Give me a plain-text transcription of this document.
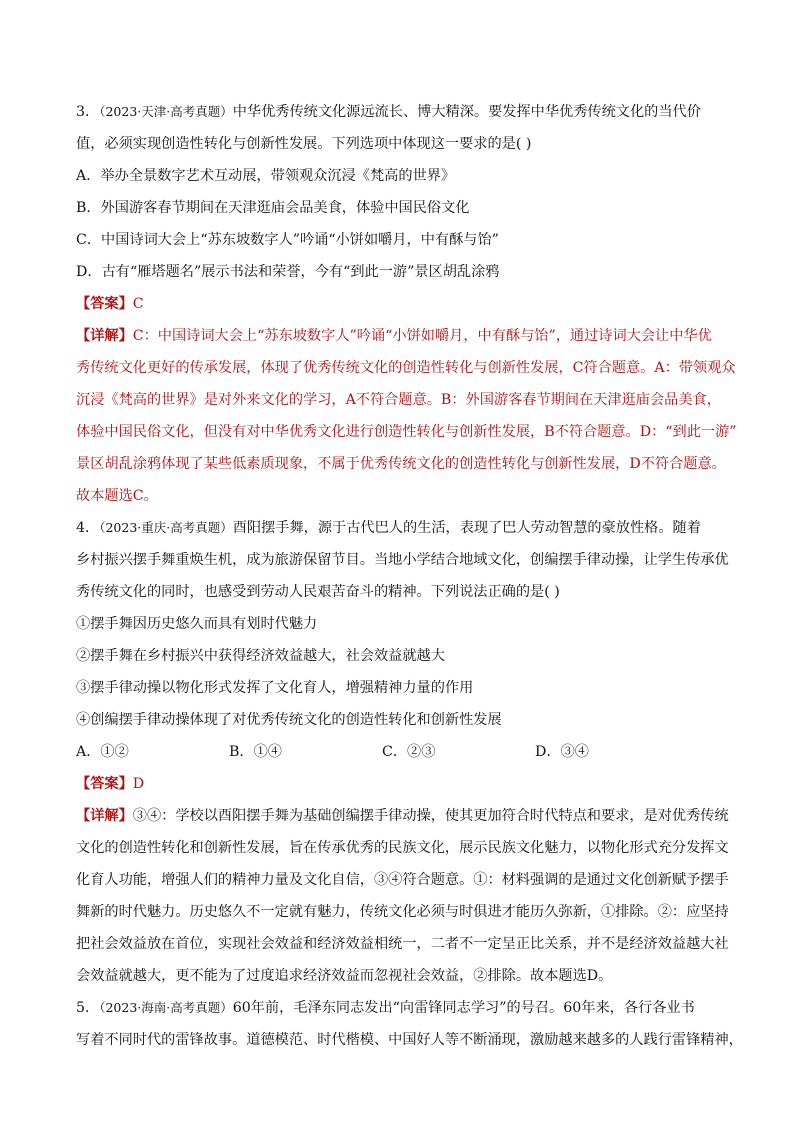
3．（2023·天津·高考真题）中华优秀传统文化源远流长、博大精深。要发挥中华优秀传统文化的当代价
值，必须实现创造性转化与创新性发展。下列选项中体现这一要求的是( )
A．举办全景数字艺术互动展，带领观众沉浸《梵高的世界》
B．外国游客春节期间在天津逛庙会品美食，体验中国民俗文化
C．中国诗词大会上“苏东坡数字人”吟诵“小饼如嚼月，中有酥与饴”
D．古有“雁塔题名”展示书法和荣誉，今有“到此一游”景区胡乱涂鸦
【答案】C
【详解】C：中国诗词大会上“苏东坡数字人”吟诵“小饼如嚼月，中有酥与饴”，通过诗词大会让中华优
秀传统文化更好的传承发展，体现了优秀传统文化的创造性转化与创新性发展，C符合题意。A：带领观众
沉浸《梵高的世界》是对外来文化的学习，A不符合题意。B：外国游客春节期间在天津逛庙会品美食，
体验中国民俗文化，但没有对中华优秀文化进行创造性转化与创新性发展，B不符合题意。D：“到此一游”
景区胡乱涂鸦体现了某些低素质现象，不属于优秀传统文化的创造性转化与创新性发展，D不符合题意。
故本题选C。
4．（2023·重庆·高考真题）酉阳摆手舞，源于古代巴人的生活，表现了巴人劳动智慧的豪放性格。随着
乡村振兴摆手舞重焕生机，成为旅游保留节目。当地小学结合地域文化，创编摆手律动操，让学生传承优
秀传统文化的同时，也感受到劳动人民艰苦奋斗的精神。下列说法正确的是( )
①摆手舞因历史悠久而具有划时代魅力
②摆手舞在乡村振兴中获得经济效益越大，社会效益就越大
③摆手律动操以物化形式发挥了文化育人，增强精神力量的作用
④创编摆手律动操体现了对优秀传统文化的创造性转化和创新性发展
A．①②	B．①④	C．②③	D．③④
【答案】D
【详解】③④：学校以酉阳摆手舞为基础创编摆手律动操，使其更加符合时代特点和要求，是对优秀传统
文化的创造性转化和创新性发展，旨在传承优秀的民族文化，展示民族文化魅力，以物化形式充分发挥文
化育人功能，增强人们的精神力量及文化自信，③④符合题意。①：材料强调的是通过文化创新赋予摆手
舞新的时代魅力。历史悠久不一定就有魅力，传统文化必须与时俱进才能历久弥新，①排除。②：应坚持
把社会效益放在首位，实现社会效益和经济效益相统一，二者不一定呈正比关系，并不是经济效益越大社
会效益就越大，更不能为了过度追求经济效益而忽视社会效益，②排除。故本题选D。
5．（2023·海南·高考真题）60年前，毛泽东同志发出“向雷锋同志学习”的号召。60年来，各行各业书
写着不同时代的雷锋故事。道德模范、时代楷模、中国好人等不断涌现，激励越来越多的人践行雷锋精神，
